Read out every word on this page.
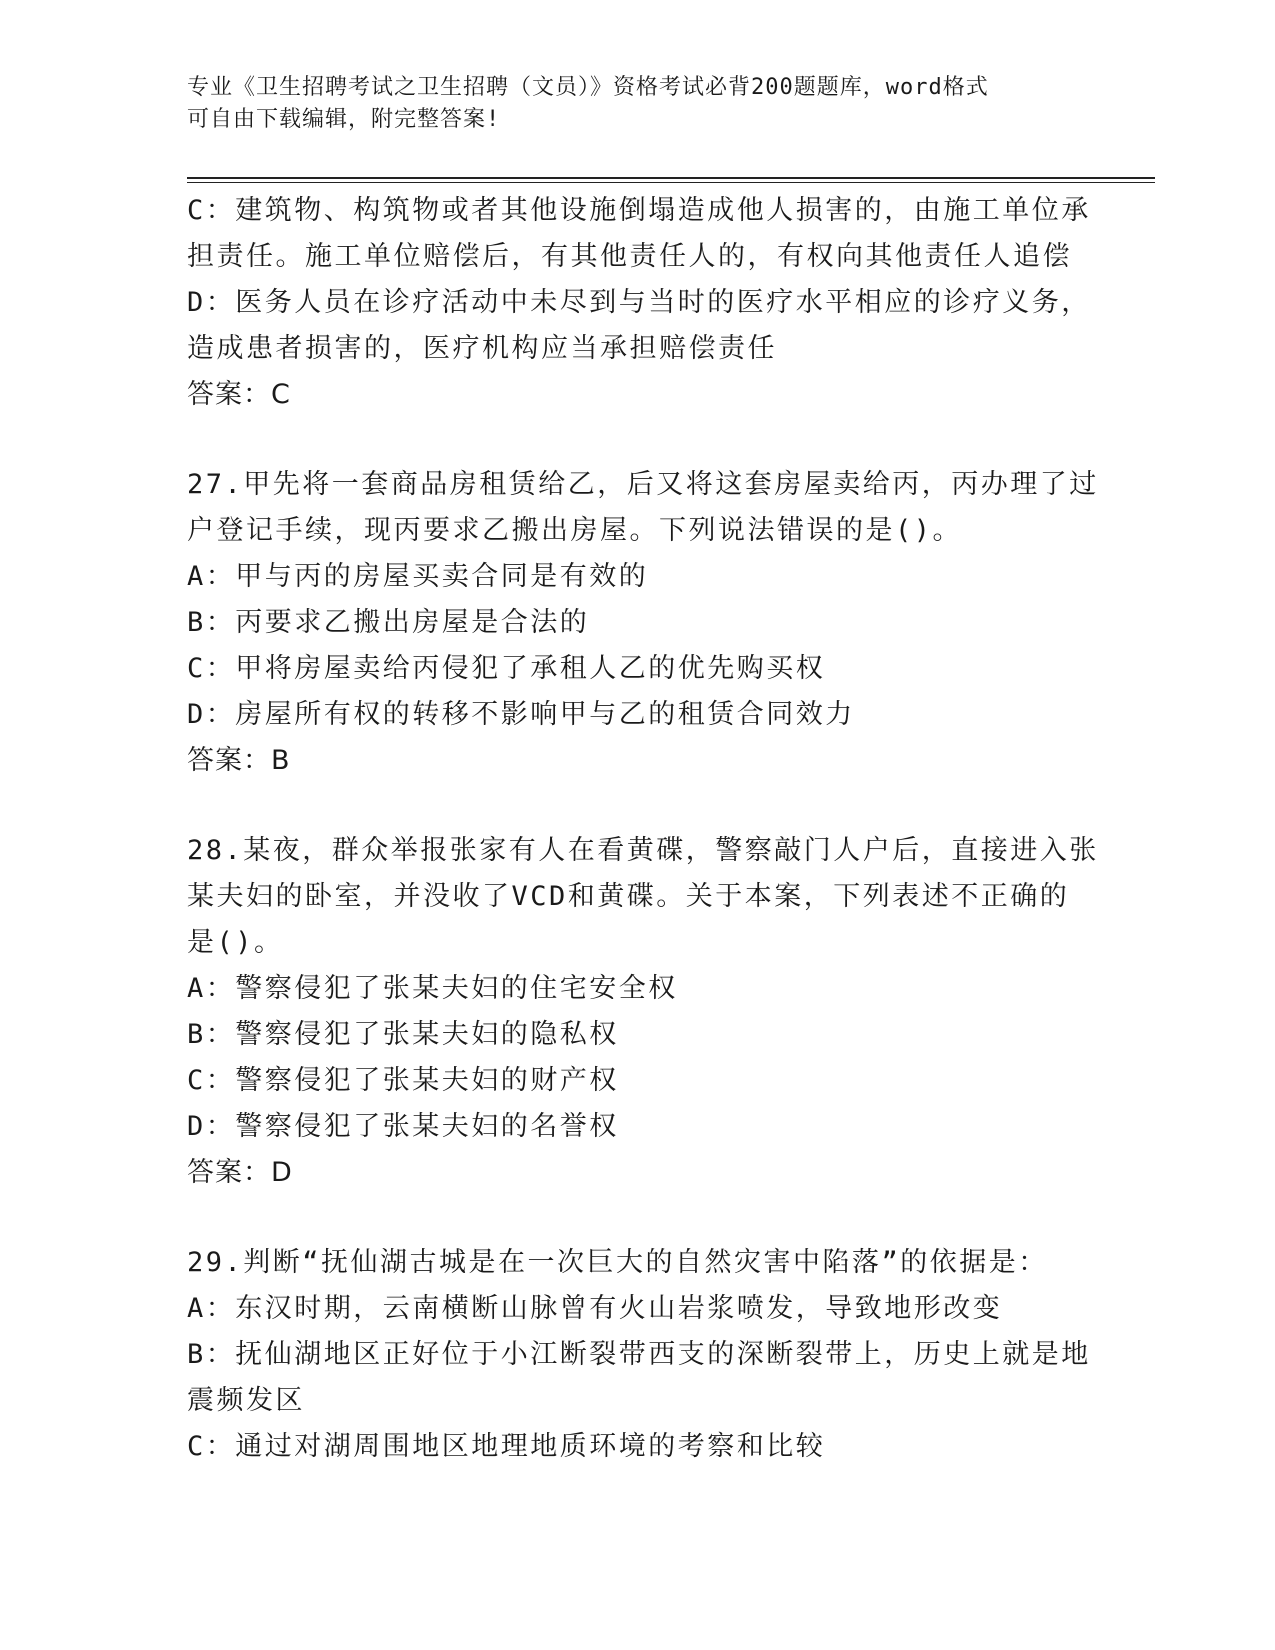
专业《卫生招聘考试之卫生招聘（文员）》资格考试必背200题题库，word格式
可自由下载编辑，附完整答案!
C：建筑物、构筑物或者其他设施倒塌造成他人损害的，由施工单位承
担责任。施工单位赔偿后，有其他责任人的，有权向其他责任人追偿
D：医务人员在诊疗活动中未尽到与当时的医疗水平相应的诊疗义务，
造成患者损害的，医疗机构应当承担赔偿责任
答案：C
27.甲先将一套商品房租赁给乙，后又将这套房屋卖给丙，丙办理了过
户登记手续，现丙要求乙搬出房屋。下列说法错误的是()。
A：甲与丙的房屋买卖合同是有效的
B：丙要求乙搬出房屋是合法的
C：甲将房屋卖给丙侵犯了承租人乙的优先购买权
D：房屋所有权的转移不影响甲与乙的租赁合同效力
答案：B
28.某夜，群众举报张家有人在看黄碟，警察敲门人户后，直接进入张
某夫妇的卧室，并没收了VCD和黄碟。关于本案，下列表述不正确的
是()。
A：警察侵犯了张某夫妇的住宅安全权
B：警察侵犯了张某夫妇的隐私权
C：警察侵犯了张某夫妇的财产权
D：警察侵犯了张某夫妇的名誉权
答案：D
29.判断“抚仙湖古城是在一次巨大的自然灾害中陷落”的依据是：
A：东汉时期，云南横断山脉曾有火山岩浆喷发，导致地形改变
B：抚仙湖地区正好位于小江断裂带西支的深断裂带上，历史上就是地
震频发区
C：通过对湖周围地区地理地质环境的考察和比较
